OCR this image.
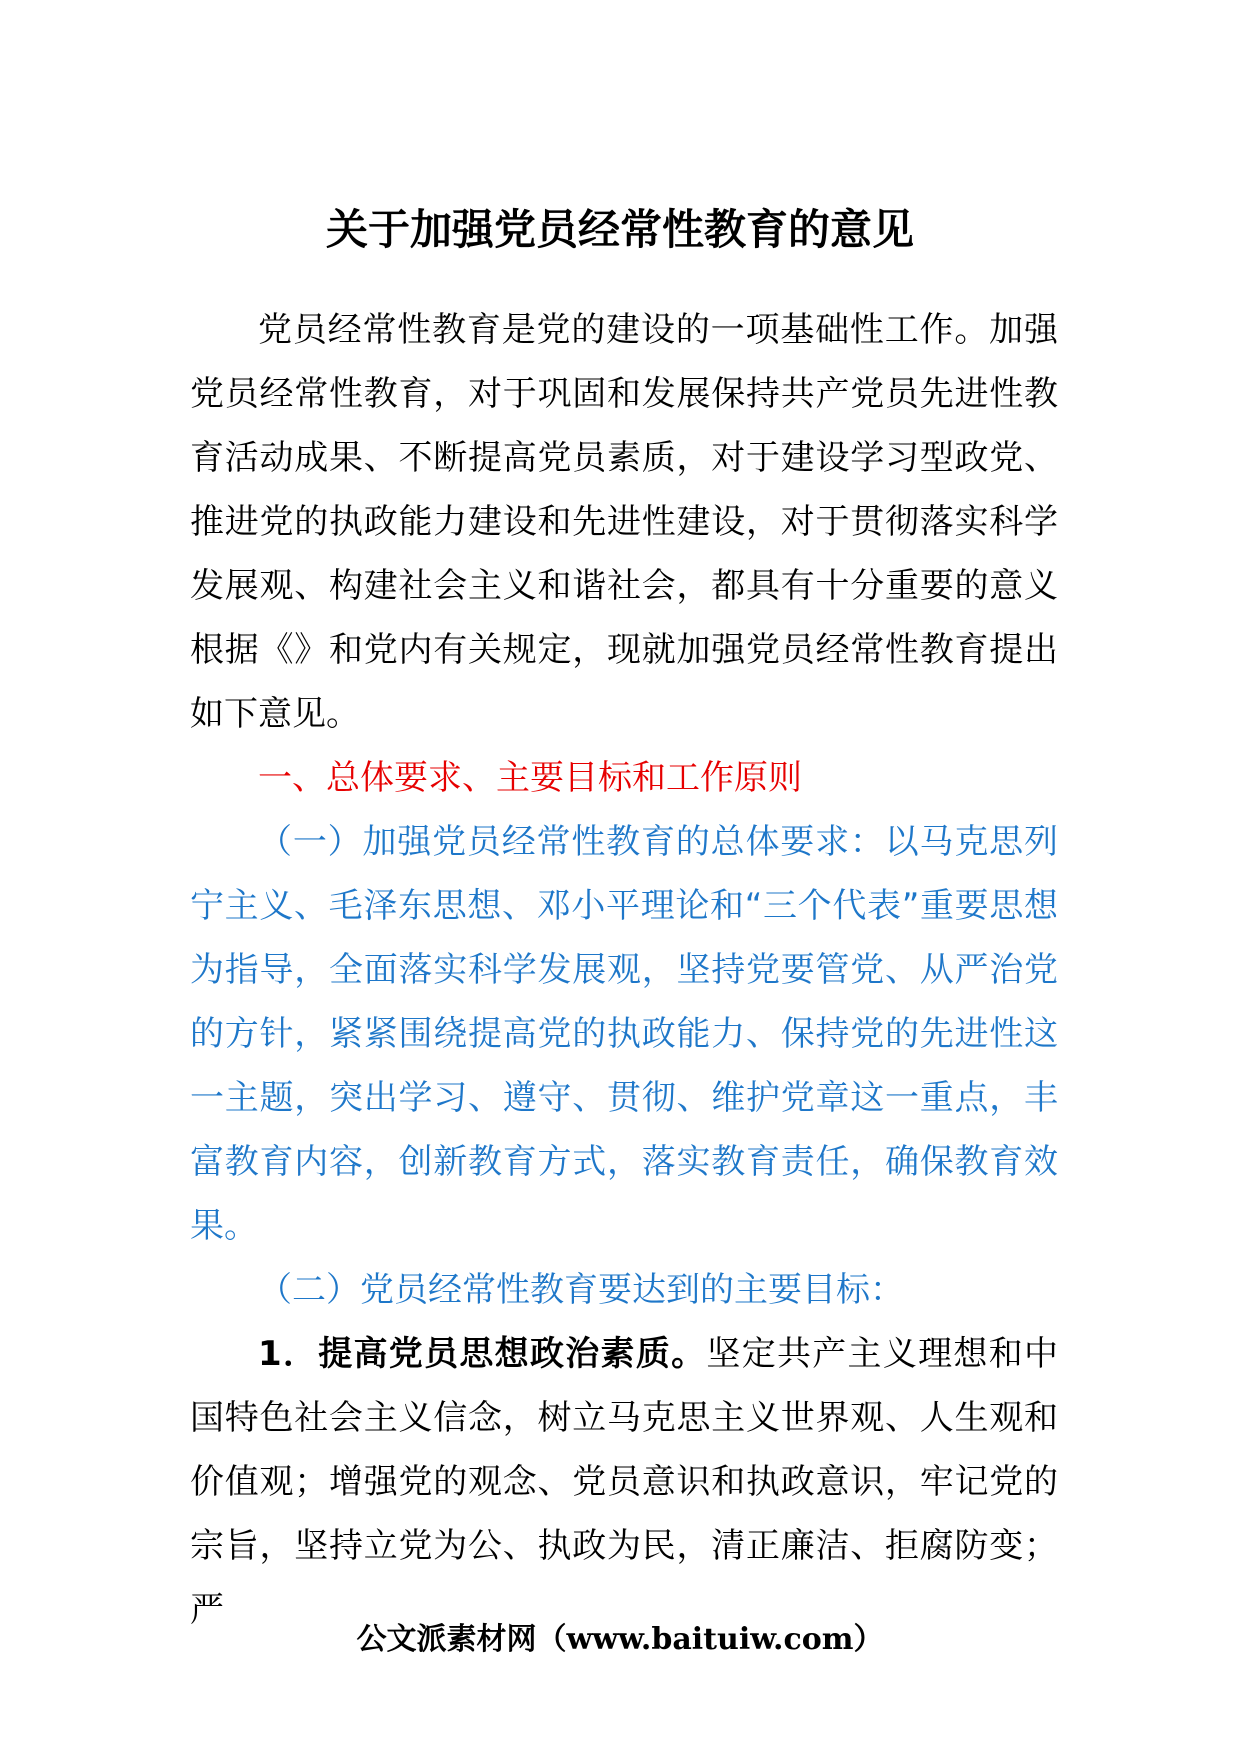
关于加强党员经常性教育的意见

党员经常性教育是党的建设的一项基础性工作。加强党员经常性教育，对于巩固和发展保持共产党员先进性教育活动成果、不断提高党员素质，对于建设学习型政党、推进党的执政能力建设和先进性建设，对于贯彻落实科学发展观、构建社会主义和谐社会，都具有十分重要的意义根据《》和党内有关规定，现就加强党员经常性教育提出如下意见。

一、总体要求、主要目标和工作原则

（一）加强党员经常性教育的总体要求：以马克思列宁主义、毛泽东思想、邓小平理论和“三个代表”重要思想为指导，全面落实科学发展观，坚持党要管党、从严治党的方针，紧紧围绕提高党的执政能力、保持党的先进性这一主题，突出学习、遵守、贯彻、维护党章这一重点，丰富教育内容，创新教育方式，落实教育责任，确保教育效果。

（二）党员经常性教育要达到的主要目标：

1．提高党员思想政治素质。坚定共产主义理想和中国特色社会主义信念，树立马克思主义世界观、人生观和价值观；增强党的观念、党员意识和执政意识，牢记党的宗旨，坚持立党为公、执政为民，清正廉洁、拒腐防变；严

公文派素材网（www.baituiw.com）
